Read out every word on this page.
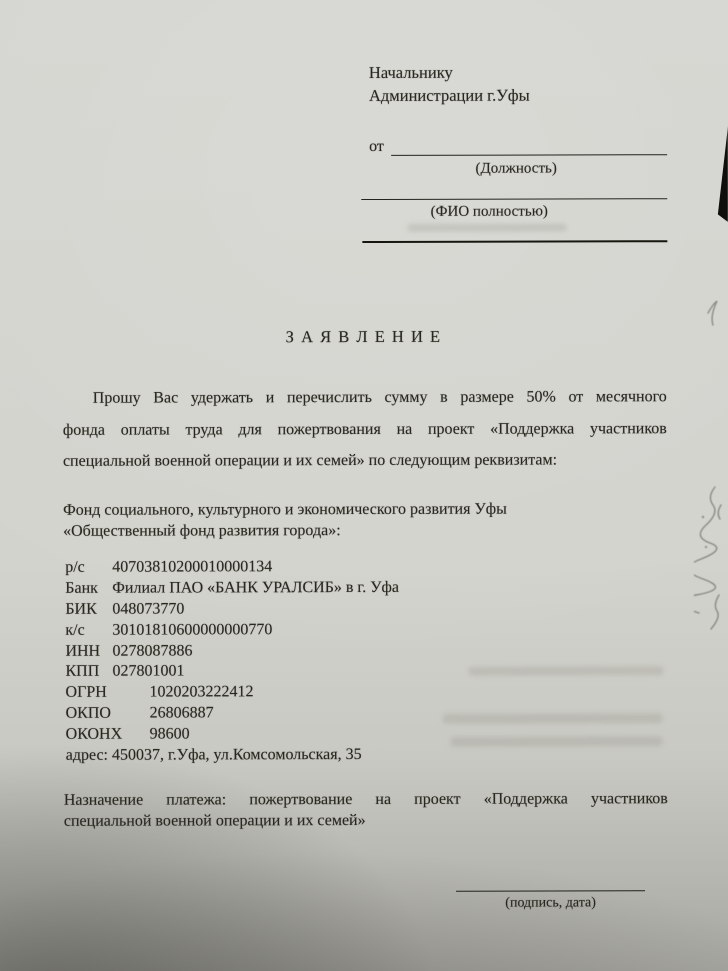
Начальнику
Администрации г.Уфы
от
(Должность)
(ФИО полностью)
З А Я В Л Е Н И Е
Прошу Вас удержать и перечислить сумму в размере 50% от месячного
фонда оплаты труда для пожертвования на проект «Поддержка участников
специальной военной операции и их семей» по следующим реквизитам:
Фонд социального, культурного и экономического развития Уфы
«Общественный фонд развития города»:
р/с	40703810200010000134
Банк Филиал ПАО «БАНК УРАЛСИБ» в г. Уфа
БИК 048073770
к/с	30101810600000000770
ИНН 0278087886
КПП 027801001
ОГРН	1020203222412
ОКПО	26806887
ОКОНХ	98600
адрес: 450037, г.Уфа, ул.Комсомольская, 35
Назначение платежа: пожертвование на проект «Поддержка участников
специальной военной операции и их семей»
(подпись, дата)
